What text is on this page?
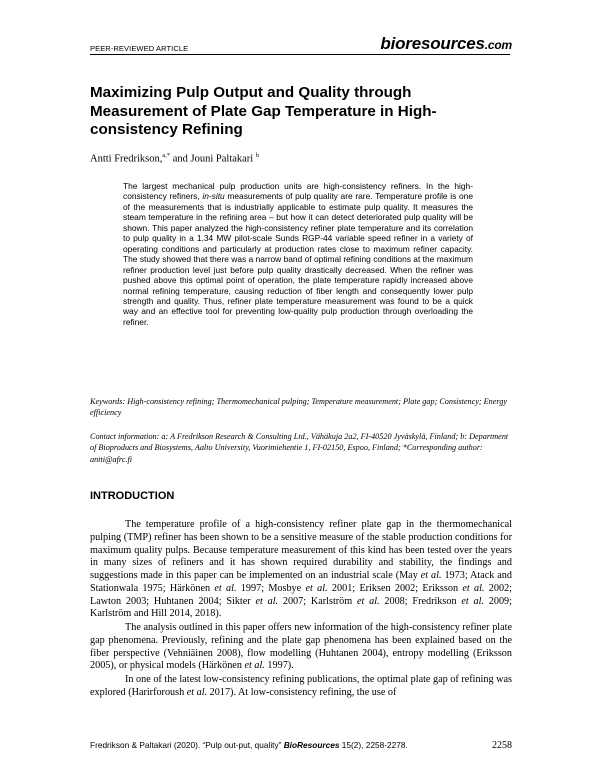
PEER-REVIEWED ARTICLE	bioresources.com
Maximizing Pulp Output and Quality through Measurement of Plate Gap Temperature in High-consistency Refining
Antti Fredrikson,$^{a,*}$ and Jouni Paltakari $^b$

The largest mechanical pulp production units are high-consistency refiners. In the high-consistency refiners, in-situ measurements of pulp quality are rare. Temperature profile is one of the measurements that is industrially applicable to estimate pulp quality. It measures the steam temperature in the refining area – but how it can detect deteriorated pulp quality will be shown. This paper analyzed the high-consistency refiner plate temperature and its correlation to pulp quality in a 1.34 MW pilot-scale Sunds RGP-44 variable speed refiner in a variety of operating conditions and particularly at production rates close to maximum refiner capacity. The study showed that there was a narrow band of optimal refining conditions at the maximum refiner production level just before pulp quality drastically decreased. When the refiner was pushed above this optimal point of operation, the plate temperature rapidly increased above normal refining temperature, causing reduction of fiber length and consequently lower pulp strength and quality. Thus, refiner plate temperature measurement was found to be a quick way and an effective tool for preventing low-quality pulp production through overloading the refiner.

Keywords: High-consistency refining; Thermomechanical pulping; Temperature measurement; Plate gap; Consistency; Energy efficiency

Contact information: a: A Fredrikson Research & Consulting Ltd., Vähäkuja 2a2, FI-40520 Jyväskylä, Finland; b: Department of Bioproducts and Biosystems, Aalto University, Vuorimiehentie 1, FI-02150, Espoo, Finland; *Corresponding author: antti@afrc.fi

INTRODUCTION

The temperature profile of a high-consistency refiner plate gap in the thermomechanical pulping (TMP) refiner has been shown to be a sensitive measure of the stable production conditions for maximum quality pulps. Because temperature measurement of this kind has been tested over the years in many sizes of refiners and it has shown required durability and stability, the findings and suggestions made in this paper can be implemented on an industrial scale (May et al. 1973; Atack and Stationwala 1975; Härkönen et al. 1997; Mosbye et al. 2001; Eriksen 2002; Eriksson et al. 2002; Lawton 2003; Huhtanen 2004; Sikter et al. 2007; Karlström et al. 2008; Fredrikson et al. 2009; Karlström and Hill 2014, 2018).

The analysis outlined in this paper offers new information of the high-consistency refiner plate gap phenomena. Previously, refining and the plate gap phenomena has been explained based on the fiber perspective (Vehniäinen 2008), flow modelling (Huhtanen 2004), entropy modelling (Eriksson 2005), or physical models (Härkönen et al. 1997).

In one of the latest low-consistency refining publications, the optimal plate gap of refining was explored (Harirforoush et al. 2017). At low-consistency refining, the use of

Fredrikson & Paltakari (2020). “Pulp out-put, quality” BioResources 15(2), 2258-2278.	2258
